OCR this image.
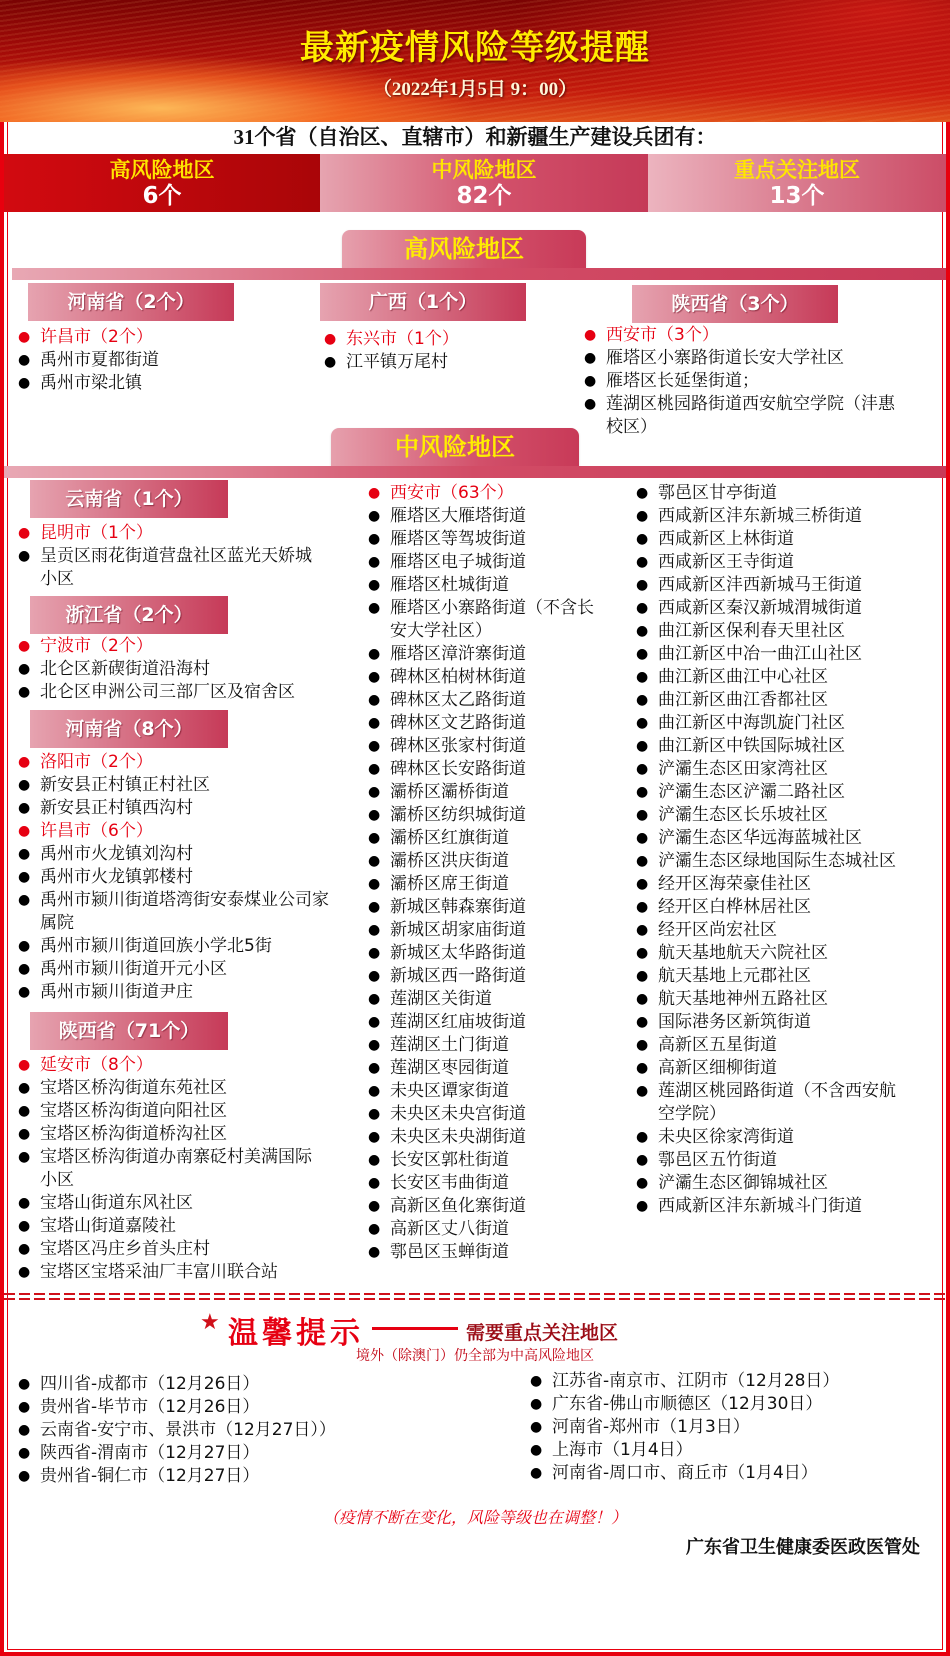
最新疫情风险等级提醒
（2022年1月5日 9：00）
31个省（自治区、直辖市）和新疆生产建设兵团有：
高风险地区
6个
中风险地区
82个
重点关注地区
13个
高风险地区
河南省（2个）	广西（1个）	陕西省（3个）
● 许昌市（2个）
● 禹州市夏都街道
● 禹州市梁北镇
● 东兴市（1个）
● 江平镇万尾村
● 西安市（3个）
● 雁塔区小寨路街道长安大学社区
● 雁塔区长延堡街道；
● 莲湖区桃园路街道西安航空学院（沣惠校区）
中风险地区
云南省（1个）
● 昆明市（1个）
● 呈贡区雨花街道营盘社区蓝光天娇城小区
浙江省（2个）
● 宁波市（2个）
● 北仑区新碶街道沿海村
● 北仑区申洲公司三部厂区及宿舍区
河南省（8个）
● 洛阳市（2个）
● 新安县正村镇正村社区
● 新安县正村镇西沟村
● 许昌市（6个）
● 禹州市火龙镇刘沟村
● 禹州市火龙镇郭楼村
● 禹州市颍川街道塔湾街安泰煤业公司家属院
● 禹州市颍川街道回族小学北5街
● 禹州市颍川街道开元小区
● 禹州市颍川街道尹庄
陕西省（71个）
● 延安市（8个）
● 宝塔区桥沟街道东苑社区
● 宝塔区桥沟街道向阳社区
● 宝塔区桥沟街道桥沟社区
● 宝塔区桥沟街道办南寨砭村美满国际小区
● 宝塔山街道东风社区
● 宝塔山街道嘉陵社
● 宝塔区冯庄乡首头庄村
● 宝塔区宝塔采油厂丰富川联合站
● 西安市（63个）
● 雁塔区大雁塔街道
● 雁塔区等驾坡街道
● 雁塔区电子城街道
● 雁塔区杜城街道
● 雁塔区小寨路街道（不含长安大学社区）
● 雁塔区漳浒寨街道
● 碑林区柏树林街道
● 碑林区太乙路街道
● 碑林区文艺路街道
● 碑林区张家村街道
● 碑林区长安路街道
● 灞桥区灞桥街道
● 灞桥区纺织城街道
● 灞桥区红旗街道
● 灞桥区洪庆街道
● 灞桥区席王街道
● 新城区韩森寨街道
● 新城区胡家庙街道
● 新城区太华路街道
● 新城区西一路街道
● 莲湖区关街道
● 莲湖区红庙坡街道
● 莲湖区土门街道
● 莲湖区枣园街道
● 未央区谭家街道
● 未央区未央宫街道
● 未央区未央湖街道
● 长安区郭杜街道
● 长安区韦曲街道
● 高新区鱼化寨街道
● 高新区丈八街道
● 鄠邑区玉蝉街道
● 鄠邑区甘亭街道
● 西咸新区沣东新城三桥街道
● 西咸新区上林街道
● 西咸新区王寺街道
● 西咸新区沣西新城马王街道
● 西咸新区秦汉新城渭城街道
● 曲江新区保利春天里社区
● 曲江新区中冶一曲江山社区
● 曲江新区曲江中心社区
● 曲江新区曲江香都社区
● 曲江新区中海凯旋门社区
● 曲江新区中铁国际城社区
● 浐灞生态区田家湾社区
● 浐灞生态区浐灞二路社区
● 浐灞生态区长乐坡社区
● 浐灞生态区华远海蓝城社区
● 浐灞生态区绿地国际生态城社区
● 经开区海荣豪佳社区
● 经开区白桦林居社区
● 经开区尚宏社区
● 航天基地航天六院社区
● 航天基地上元郡社区
● 航天基地神州五路社区
● 国际港务区新筑街道
● 高新区五星街道
● 高新区细柳街道
● 莲湖区桃园路街道（不含西安航空学院）
● 未央区徐家湾街道
● 鄠邑区五竹街道
● 浐灞生态区御锦城社区
● 西咸新区沣东新城斗门街道
★ 温馨提示	需要重点关注地区
境外（除澳门）仍全部为中高风险地区
● 四川省-成都市（12月26日）
● 贵州省-毕节市（12月26日）
● 云南省-安宁市、景洪市（12月27日））
● 陕西省-渭南市（12月27日）
● 贵州省-铜仁市（12月27日）
● 江苏省-南京市、江阴市（12月28日）
● 广东省-佛山市顺德区（12月30日）
● 河南省-郑州市（1月3日）
● 上海市（1月4日）
● 河南省-周口市、商丘市（1月4日）
（疫情不断在变化，风险等级也在调整！）
广东省卫生健康委医政医管处
